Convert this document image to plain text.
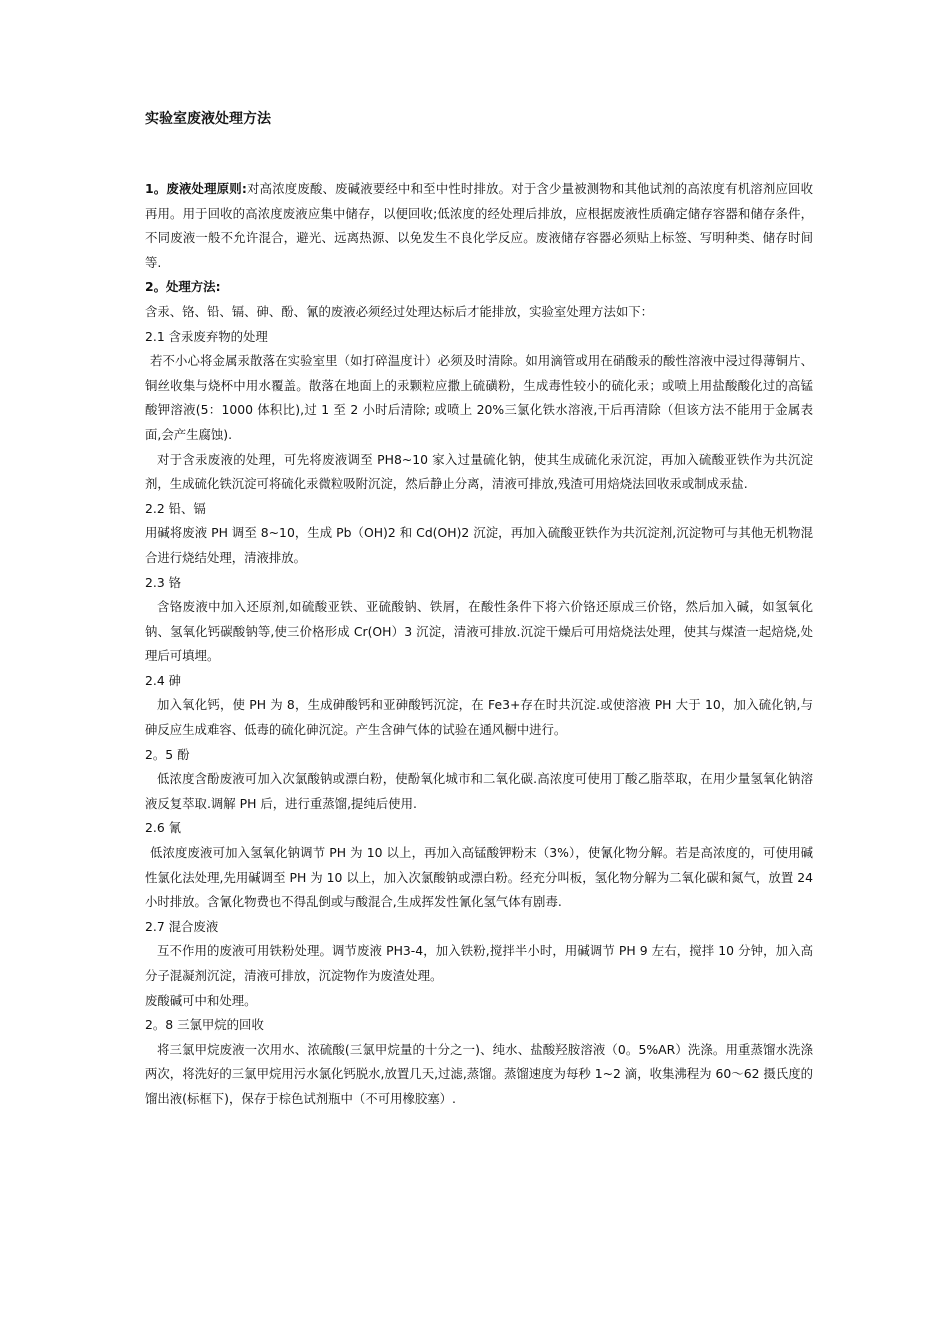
实验室废液处理方法

1。废液处理原则:对高浓度废酸、废碱液要经中和至中性时排放。对于含少量被测物和其他试剂的高浓度有机溶剂应回收再用。用于回收的高浓度废液应集中储存，以便回收;低浓度的经处理后排放，应根据废液性质确定储存容器和储存条件，不同废液一般不允许混合，避光、远离热源、以免发生不良化学反应。废液储存容器必须贴上标签、写明种类、储存时间等.

2。处理方法:

含汞、铬、铅、镉、砷、酚、氰的废液必须经过处理达标后才能排放，实验室处理方法如下：

2.1 含汞废弃物的处理

若不小心将金属汞散落在实验室里（如打碎温度计）必须及时清除。如用滴管或用在硝酸汞的酸性溶液中浸过得薄铜片、铜丝收集与烧杯中用水覆盖。散落在地面上的汞颗粒应撒上硫磺粉，生成毒性较小的硫化汞；或喷上用盐酸酸化过的高锰酸钾溶液(5：1000 体积比),过 1 至 2 小时后清除; 或喷上 20%三氯化铁水溶液,干后再清除（但该方法不能用于金属表面,会产生腐蚀).

对于含汞废液的处理，可先将废液调至 PH8~10 家入过量硫化钠，使其生成硫化汞沉淀，再加入硫酸亚铁作为共沉淀剂，生成硫化铁沉淀可将硫化汞微粒吸附沉淀，然后静止分离，清液可排放,残渣可用焙烧法回收汞或制成汞盐.

2.2 铅、镉

用碱将废液 PH 调至 8~10，生成 Pb（OH)2 和 Cd(OH)2 沉淀，再加入硫酸亚铁作为共沉淀剂,沉淀物可与其他无机物混合进行烧结处理，清液排放。

2.3 铬

含铬废液中加入还原剂,如硫酸亚铁、亚硫酸钠、铁屑，在酸性条件下将六价铬还原成三价铬，然后加入碱，如氢氧化钠、氢氧化钙碳酸钠等,使三价格形成 Cr(OH）3 沉淀，清液可排放.沉淀干燥后可用焙烧法处理，使其与煤渣一起焙烧,处理后可填埋。

2.4 砷

加入氧化钙，使 PH 为 8，生成砷酸钙和亚砷酸钙沉淀，在 Fe3+存在时共沉淀.或使溶液 PH 大于 10，加入硫化钠,与砷反应生成难容、低毒的硫化砷沉淀。产生含砷气体的试验在通风橱中进行。

2。5 酚

低浓度含酚废液可加入次氯酸钠或漂白粉，使酚氧化城市和二氧化碳.高浓度可使用丁酸乙脂萃取，在用少量氢氧化钠溶液反复萃取.调解 PH 后，进行重蒸馏,提纯后使用.

2.6 氰

低浓度废液可加入氢氧化钠调节 PH 为 10 以上，再加入高锰酸钾粉末（3%），使氰化物分解。若是高浓度的，可使用碱性氯化法处理,先用碱调至 PH 为 10 以上，加入次氯酸钠或漂白粉。经充分叫板，氢化物分解为二氧化碳和氮气，放置 24 小时排放。含氰化物费也不得乱倒或与酸混合,生成挥发性氰化氢气体有剧毒.

2.7 混合废液

互不作用的废液可用铁粉处理。调节废液 PH3-4，加入铁粉,搅拌半小时，用碱调节 PH 9 左右，搅拌 10 分钟，加入高分子混凝剂沉淀，清液可排放，沉淀物作为废渣处理。

废酸碱可中和处理。

2。8 三氯甲烷的回收

将三氯甲烷废液一次用水、浓硫酸(三氯甲烷量的十分之一)、纯水、盐酸羟胺溶液（0。5%AR）洗涤。用重蒸馏水洗涤两次，将洗好的三氯甲烷用污水氯化钙脱水,放置几天,过滤,蒸馏。蒸馏速度为每秒 1~2 滴，收集沸程为 60～62 摄氏度的馏出液(标框下)，保存于棕色试剂瓶中（不可用橡胶塞）.
